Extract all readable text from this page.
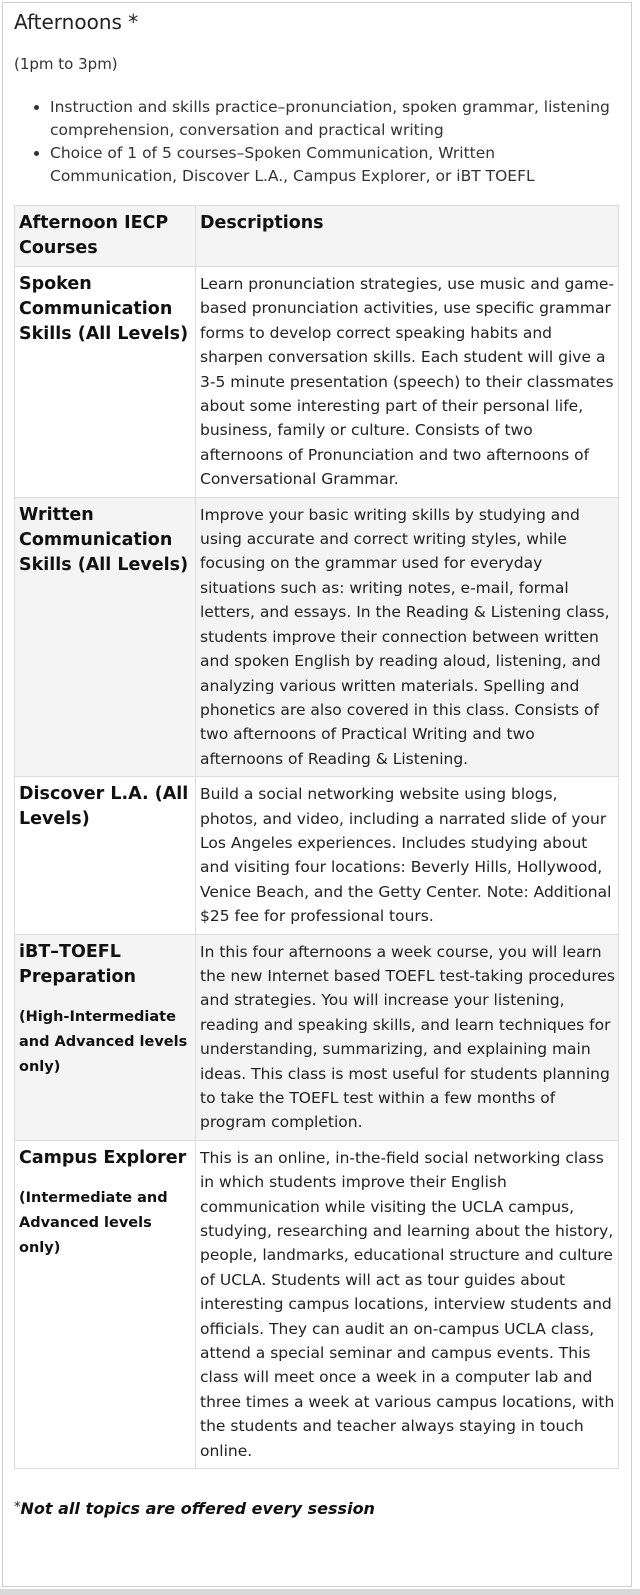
Afternoons *
(1pm to 3pm)
• Instruction and skills practice–pronunciation, spoken grammar, listening comprehension, conversation and practical writing
• Choice of 1 of 5 courses–Spoken Communication, Written Communication, Discover L.A., Campus Explorer, or iBT TOEFL
Afternoon IECP Courses	Descriptions

Spoken Communication Skills (All Levels)	Learn pronunciation strategies, use music and game-based pronunciation activities, use specific grammar forms to develop correct speaking habits and sharpen conversation skills. Each student will give a 3-5 minute presentation (speech) to their classmates about some interesting part of their personal life, business, family or culture. Consists of two afternoons of Pronunciation and two afternoons of Conversational Grammar.

Written Communication Skills (All Levels)	Improve your basic writing skills by studying and using accurate and correct writing styles, while focusing on the grammar used for everyday situations such as: writing notes, e-mail, formal letters, and essays. In the Reading & Listening class, students improve their connection between written and spoken English by reading aloud, listening, and analyzing various written materials. Spelling and phonetics are also covered in this class. Consists of two afternoons of Practical Writing and two afternoons of Reading & Listening.

Discover L.A. (All Levels)	Build a social networking website using blogs, photos, and video, including a narrated slide of your Los Angeles experiences. Includes studying about and visiting four locations: Beverly Hills, Hollywood, Venice Beach, and the Getty Center. Note: Additional $25 fee for professional tours.

iBT–TOEFL Preparation
(High-Intermediate and Advanced levels only)	In this four afternoons a week course, you will learn the new Internet based TOEFL test-taking procedures and strategies. You will increase your listening, reading and speaking skills, and learn techniques for understanding, summarizing, and explaining main ideas. This class is most useful for students planning to take the TOEFL test within a few months of program completion.

Campus Explorer
(Intermediate and Advanced levels only)	This is an online, in-the-field social networking class in which students improve their English communication while visiting the UCLA campus, studying, researching and learning about the history, people, landmarks, educational structure and culture of UCLA. Students will act as tour guides about interesting campus locations, interview students and officials. They can audit an on-campus UCLA class, attend a special seminar and campus events. This class will meet once a week in a computer lab and three times a week at various campus locations, with the students and teacher always staying in touch online.
*Not all topics are offered every session
